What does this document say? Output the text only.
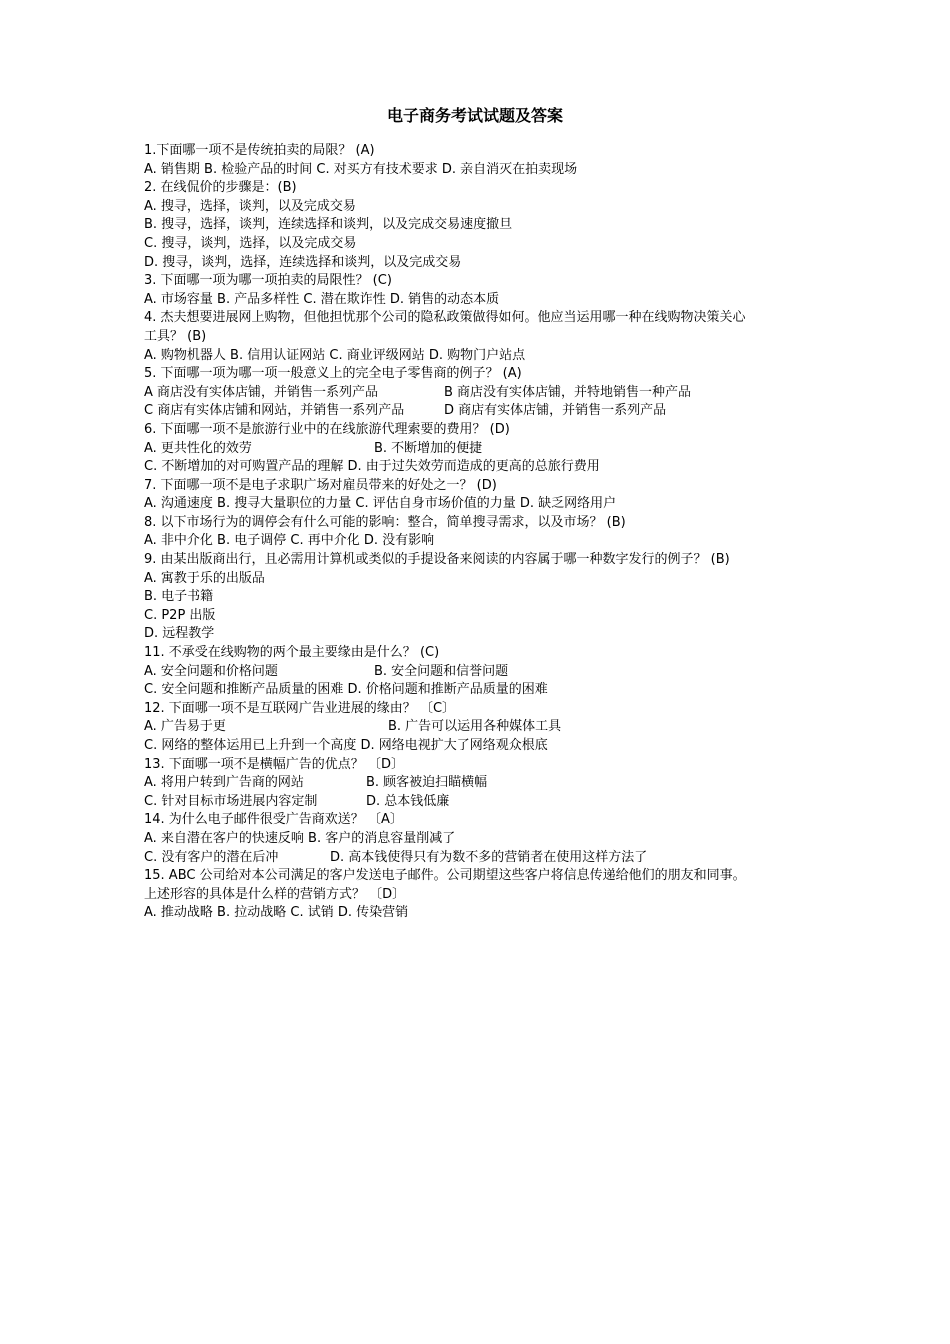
电子商务考试试题及答案
1.下面哪一项不是传统拍卖的局限？ (A)
A. 销售期 B. 检验产品的时间 C. 对买方有技术要求 D. 亲自消灭在拍卖现场
2. 在线侃价的步骤是：(B)
A. 搜寻，选择，谈判，以及完成交易
B. 搜寻，选择，谈判，连续选择和谈判，以及完成交易速度撤旦
C. 搜寻，谈判，选择，以及完成交易
D. 搜寻，谈判，选择，连续选择和谈判，以及完成交易
3. 下面哪一项为哪一项拍卖的局限性？ (C)
A. 市场容量 B. 产品多样性 C. 潜在欺诈性 D. 销售的动态本质
4. 杰夫想要进展网上购物，但他担忧那个公司的隐私政策做得如何。他应当运用哪一种在线购物决策关心
工具？ (B)
A. 购物机器人 B. 信用认证网站 C. 商业评级网站 D. 购物门户站点
5. 下面哪一项为哪一项一般意义上的完全电子零售商的例子？ (A)
A 商店没有实体店铺，并销售一系列产品	B 商店没有实体店铺，并特地销售一种产品
C 商店有实体店铺和网站，并销售一系列产品	D 商店有实体店铺，并销售一系列产品
6. 下面哪一项不是旅游行业中的在线旅游代理索要的费用？ (D)
A. 更共性化的效劳	B. 不断增加的便捷
C. 不断增加的对可购置产品的理解 D. 由于过失效劳而造成的更高的总旅行费用
7. 下面哪一项不是电子求职广场对雇员带来的好处之一？ (D)
A. 沟通速度 B. 搜寻大量职位的力量 C. 评估自身市场价值的力量 D. 缺乏网络用户
8. 以下市场行为的调停会有什么可能的影响：整合，简单搜寻需求，以及市场？ (B)
A. 非中介化 B. 电子调停 C. 再中介化 D. 没有影响
9. 由某出版商出行，且必需用计算机或类似的手提设备来阅读的内容属于哪一种数字发行的例子？ (B)
A. 寓教于乐的出版品
B. 电子书籍
C. P2P 出版
D. 远程教学
11. 不承受在线购物的两个最主要缘由是什么？ (C)
A. 安全问题和价格问题	B. 安全问题和信誉问题
C. 安全问题和推断产品质量的困难 D. 价格问题和推断产品质量的困难
12. 下面哪一项不是互联网广告业进展的缘由？ 〔C〕
A. 广告易于更	B. 广告可以运用各种媒体工具
C. 网络的整体运用已上升到一个高度 D. 网络电视扩大了网络观众根底
13. 下面哪一项不是横幅广告的优点？ 〔D〕
A. 将用户转到广告商的网站	B. 顾客被迫扫瞄横幅
C. 针对目标市场进展内容定制	D. 总本钱低廉
14. 为什么电子邮件很受广告商欢送？ 〔A〕
A. 来自潜在客户的快速反响 B. 客户的消息容量削减了
C. 没有客户的潜在后冲	D. 高本钱使得只有为数不多的营销者在使用这样方法了
15. ABC 公司给对本公司满足的客户发送电子邮件。公司期望这些客户将信息传递给他们的朋友和同事。
上述形容的具体是什么样的营销方式？ 〔D〕
A. 推动战略 B. 拉动战略 C. 试销 D. 传染营销
